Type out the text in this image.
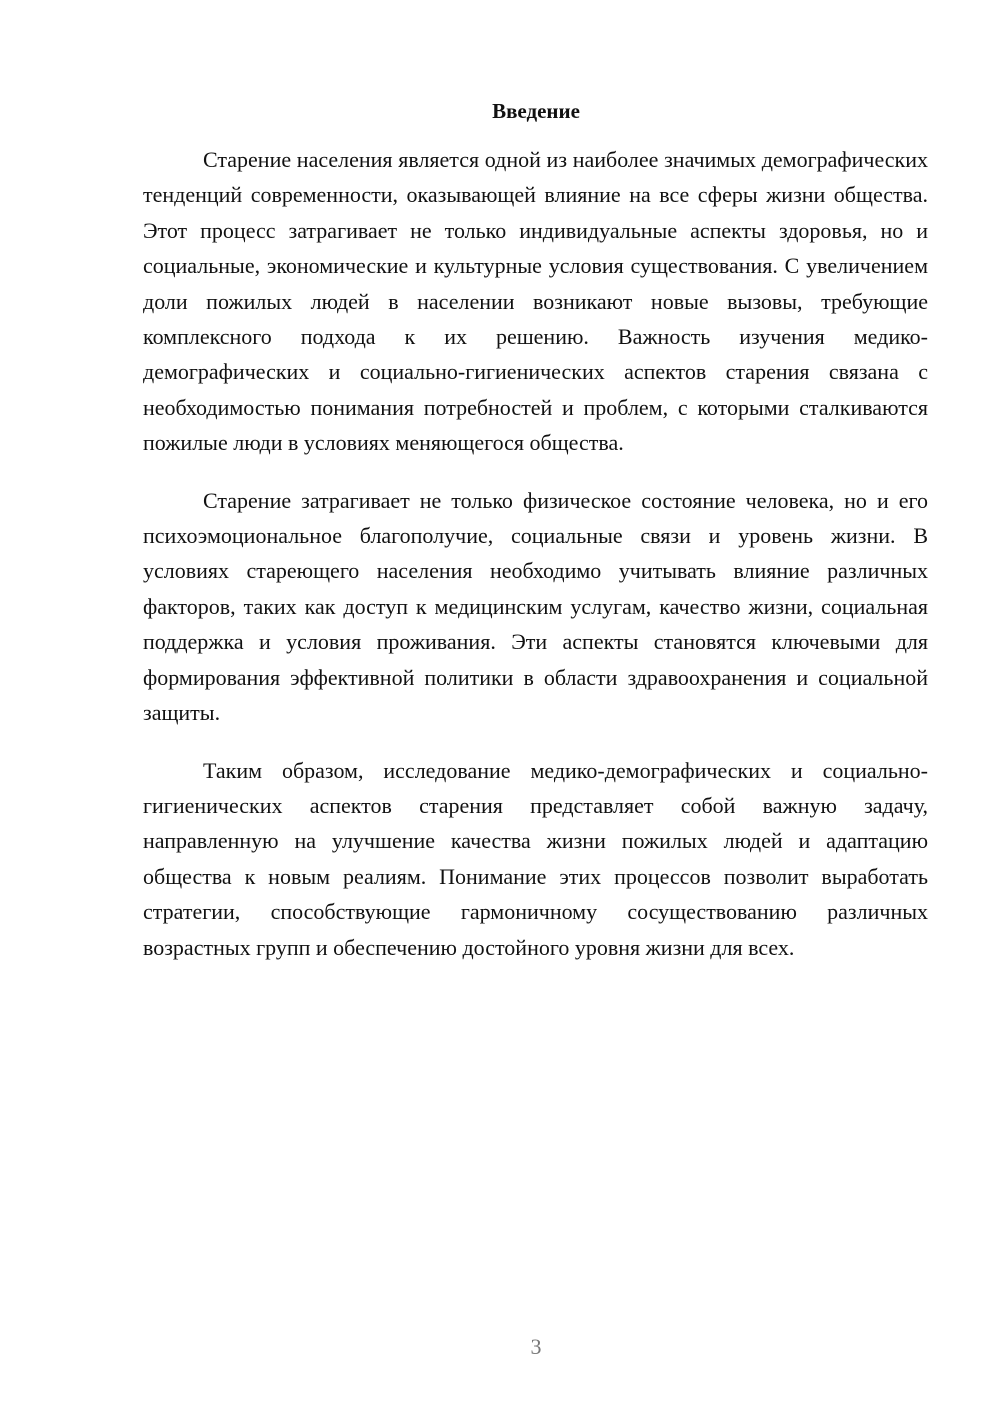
Введение

Старение населения является одной из наиболее значимых демографических тенденций современности, оказывающей влияние на все сферы жизни общества. Этот процесс затрагивает не только индивидуальные аспекты здоровья, но и социальные, экономические и культурные условия существования. С увеличением доли пожилых людей в населении возникают новые вызовы, требующие комплексного подхода к их решению. Важность изучения медико-демографических и социально-гигиенических аспектов старения связана с необходимостью понимания потребностей и проблем, с которыми сталкиваются пожилые люди в условиях меняющегося общества.

Старение затрагивает не только физическое состояние человека, но и его психоэмоциональное благополучие, социальные связи и уровень жизни. В условиях стареющего населения необходимо учитывать влияние различных факторов, таких как доступ к медицинским услугам, качество жизни, социальная поддержка и условия проживания. Эти аспекты становятся ключевыми для формирования эффективной политики в области здравоохранения и социальной защиты.

Таким образом, исследование медико-демографических и социально-гигиенических аспектов старения представляет собой важную задачу, направленную на улучшение качества жизни пожилых людей и адаптацию общества к новым реалиям. Понимание этих процессов позволит выработать стратегии, способствующие гармоничному сосуществованию различных возрастных групп и обеспечению достойного уровня жизни для всех.

3
